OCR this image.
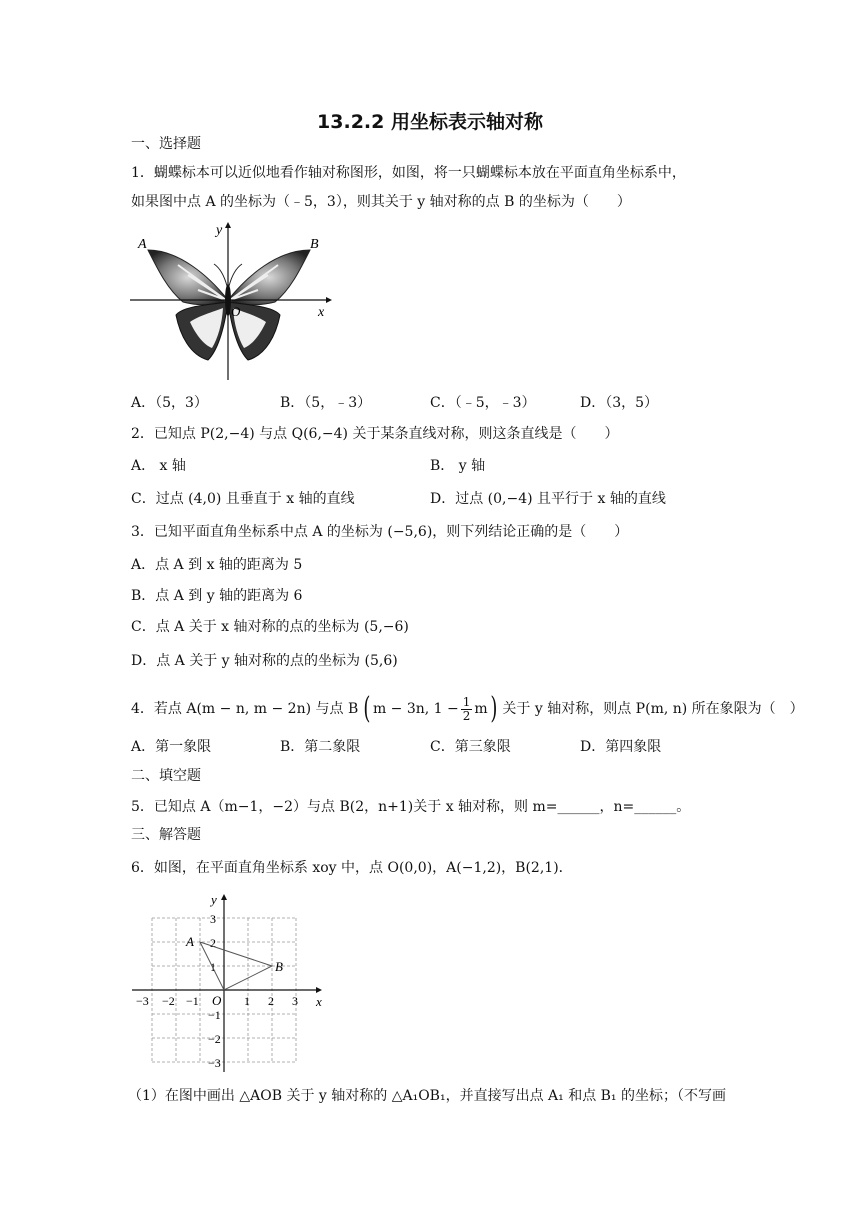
13.2.2 用坐标表示轴对称
一、选择题
1．蝴蝶标本可以近似地看作轴对称图形，如图，将一只蝴蝶标本放在平面直角坐标系中，
如果图中点 A 的坐标为（﹣5，3），则其关于 y 轴对称的点 B 的坐标为（　　）
y
x
O
A	B
A．（5，3）	B．（5，﹣3）	C．（﹣5，﹣3）	D．（3，5）
2．已知点 P(2,−4) 与点 Q(6,−4) 关于某条直线对称，则这条直线是（　　）
A． x 轴	B． y 轴
C．过点 (4,0) 且垂直于 x 轴的直线	D．过点 (0,−4) 且平行于 x 轴的直线
3．已知平面直角坐标系中点 A 的坐标为 (−5,6)，则下列结论正确的是（　　）
A．点 A 到 x 轴的距离为 5
B．点 A 到 y 轴的距离为 6
C．点 A 关于 x 轴对称的点的坐标为 (5,−6)
D．点 A 关于 y 轴对称的点的坐标为 (5,6)
4．若点 A(m − n, m − 2n) 与点 B ( m − 3n, $1 - \frac{1}{2}$ m ) 关于 y 轴对称，则点 P(m, n) 所在象限为（　）
A．第一象限	B．第二象限	C．第三象限	D．第四象限
二、填空题
5．已知点 A（m−1，−2）与点 B(2，n+1)关于 x 轴对称，则 m=______，n=______。
三、解答题
6．如图，在平面直角坐标系 xoy 中，点 O(0,0)，A(−1,2)，B(2,1)．
y
x
−3 −2 −1	1 2 3
3
2
1
−1
−2
−3
A
B
O
（1）在图中画出 △AOB 关于 y 轴对称的 △A₁OB₁，并直接写出点 A₁ 和点 B₁ 的坐标；（不写画
